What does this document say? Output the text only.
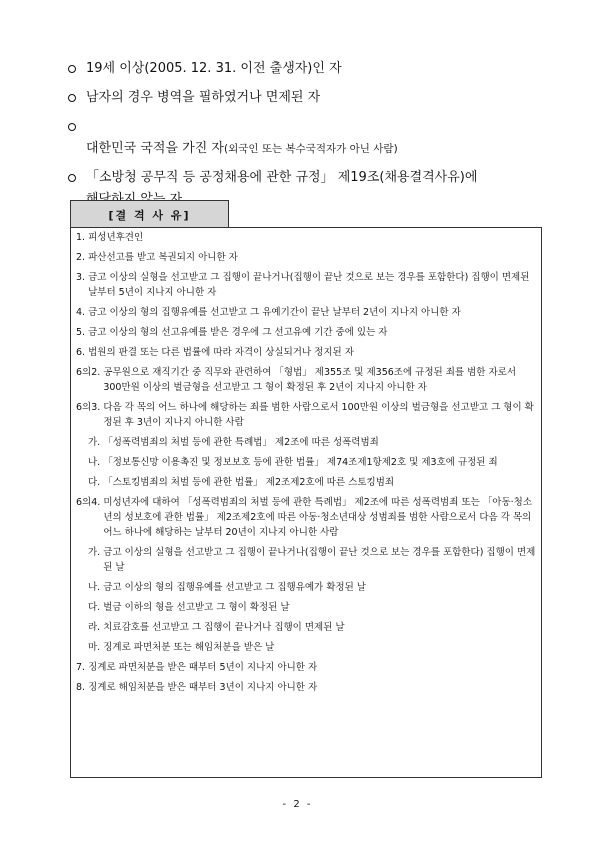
19세 이상(2005. 12. 31. 이전 출생자)인 자
남자의 경우 병역을 필하였거나 면제된 자

대한민국 국적을 가진 자(외국인 또는 복수국적자가 아닌 사람)

「소방청 공무직 등 공정채용에 관한 규정」 제19조(채용결격사유)에

[결 격 사 유]
1. 피성년후견인
2. 파산선고를 받고 복권되지 아니한 자
3. 금고 이상의 실형을 선고받고 그 집행이 끝나거나(집행이 끝난 것으로 보는 경우를 포함한다) 집행이 면제된 날부터 5년이 지나지 아니한 자
4. 금고 이상의 형의 집행유예를 선고받고 그 유예기간이 끝난 날부터 2년이 지나지 아니한 자
5. 금고 이상의 형의 선고유예를 받은 경우에 그 선고유예 기간 중에 있는 자
6. 법원의 판결 또는 다른 법률에 따라 자격이 상실되거나 정지된 자
6의2. 공무원으로 재직기간 중 직무와 관련하여 「형법」 제355조 및 제356조에 규정된 죄를 범한 자로서 300만원 이상의 벌금형을 선고받고 그 형이 확정된 후 2년이 지나지 아니한 자
6의3. 다음 각 목의 어느 하나에 해당하는 죄를 범한 사람으로서 100만원 이상의 벌금형을 선고받고 그 형이 확정된 후 3년이 지나지 아니한 사람
가. 「성폭력범죄의 처벌 등에 관한 특례법」 제2조에 따른 성폭력범죄
나. 「정보통신망 이용촉진 및 정보보호 등에 관한 법률」 제74조제1항제2호 및 제3호에 규정된 죄
다. 「스토킹범죄의 처벌 등에 관한 법률」 제2조제2호에 따른 스토킹범죄
6의4. 미성년자에 대하여 「성폭력범죄의 처벌 등에 관한 특례법」 제2조에 따른 성폭력범죄 또는 「아동·청소년의 성보호에 관한 법률」 제2조제2호에 따른 아동·청소년대상 성범죄를 범한 사람으로서 다음 각 목의 어느 하나에 해당하는 날부터 20년이 지나지 아니한 사람
가. 금고 이상의 실형을 선고받고 그 집행이 끝나거나(집행이 끝난 것으로 보는 경우를 포함한다) 집행이 면제된 날
나. 금고 이상의 형의 집행유예를 선고받고 그 집행유예가 확정된 날
다. 벌금 이하의 형을 선고받고 그 형이 확정된 날
라. 치료감호를 선고받고 그 집행이 끝나거나 집행이 면제된 날
마. 징계로 파면처분 또는 해임처분을 받은 날
7. 징계로 파면처분을 받은 때부터 5년이 지나지 아니한 자
8. 징계로 해임처분을 받은 때부터 3년이 지나지 아니한 자
- 2 -
